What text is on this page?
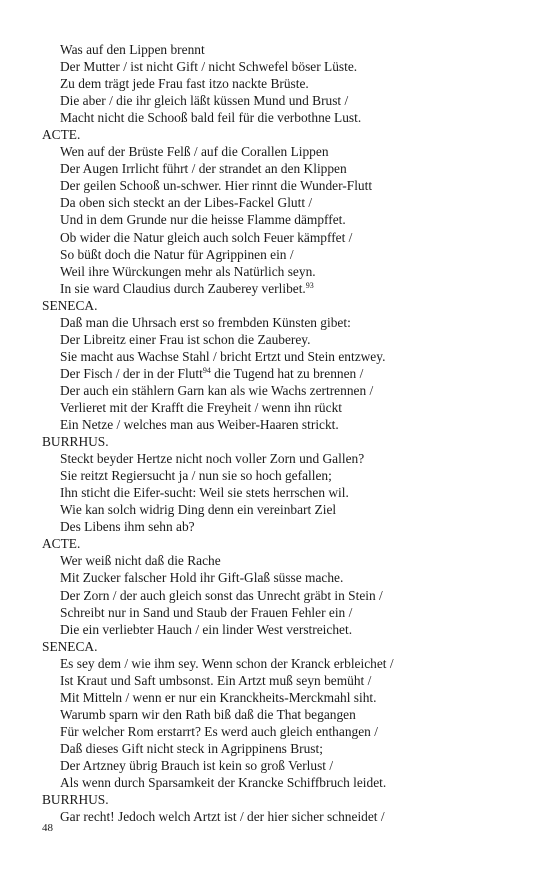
Was auf den Lippen brennt
Der Mutter / ist nicht Gift / nicht Schwefel böser Lüste.
Zu dem trägt jede Frau fast itzo nackte Brüste.
Die aber / die ihr gleich läßt küssen Mund und Brust /
Macht nicht die Schooß bald feil für die verbothne Lust.
ACTE.
Wen auf der Brüste Felß / auf die Corallen Lippen
Der Augen Irrlicht führt / der strandet an den Klippen
Der geilen Schooß un-schwer. Hier rinnt die Wunder-Flutt
Da oben sich steckt an der Libes-Fackel Glutt /
Und in dem Grunde nur die heisse Flamme dämpffet.
Ob wider die Natur gleich auch solch Feuer kämpffet /
So büßt doch die Natur für Agrippinen ein /
Weil ihre Würckungen mehr als Natürlich seyn.
In sie ward Claudius durch Zauberey verlibet.$^{93}$
SENECA.
Daß man die Uhrsach erst so frembden Künsten gibet:
Der Libreitz einer Frau ist schon die Zauberey.
Sie macht aus Wachse Stahl / bricht Ertzt und Stein entzwey.
Der Fisch / der in der Flutt$^{94}$ die Tugend hat zu brennen /
Der auch ein stählern Garn kan als wie Wachs zertrennen /
Verlieret mit der Krafft die Freyheit / wenn ihn rückt
Ein Netze / welches man aus Weiber-Haaren strickt.
BURRHUS.
Steckt beyder Hertze nicht noch voller Zorn und Gallen?
Sie reitzt Regiersucht ja / nun sie so hoch gefallen;
Ihn sticht die Eifer-sucht: Weil sie stets herrschen wil.
Wie kan solch widrig Ding denn ein vereinbart Ziel
Des Libens ihm sehn ab?
ACTE.
Wer weiß nicht daß die Rache
Mit Zucker falscher Hold ihr Gift-Glaß süsse mache.
Der Zorn / der auch gleich sonst das Unrecht gräbt in Stein /
Schreibt nur in Sand und Staub der Frauen Fehler ein /
Die ein verliebter Hauch / ein linder West verstreichet.
SENECA.
Es sey dem / wie ihm sey. Wenn schon der Kranck erbleichet /
Ist Kraut und Saft umbsonst. Ein Artzt muß seyn bemüht /
Mit Mitteln / wenn er nur ein Kranckheits-Merckmahl siht.
Warumb sparn wir den Rath biß daß die That begangen
Für welcher Rom erstarrt? Es werd auch gleich enthangen /
Daß dieses Gift nicht steck in Agrippinens Brust;
Der Artzney übrig Brauch ist kein so groß Verlust /
Als wenn durch Sparsamkeit der Krancke Schiffbruch leidet.
BURRHUS.
Gar recht! Jedoch welch Artzt ist / der hier sicher schneidet /
48
